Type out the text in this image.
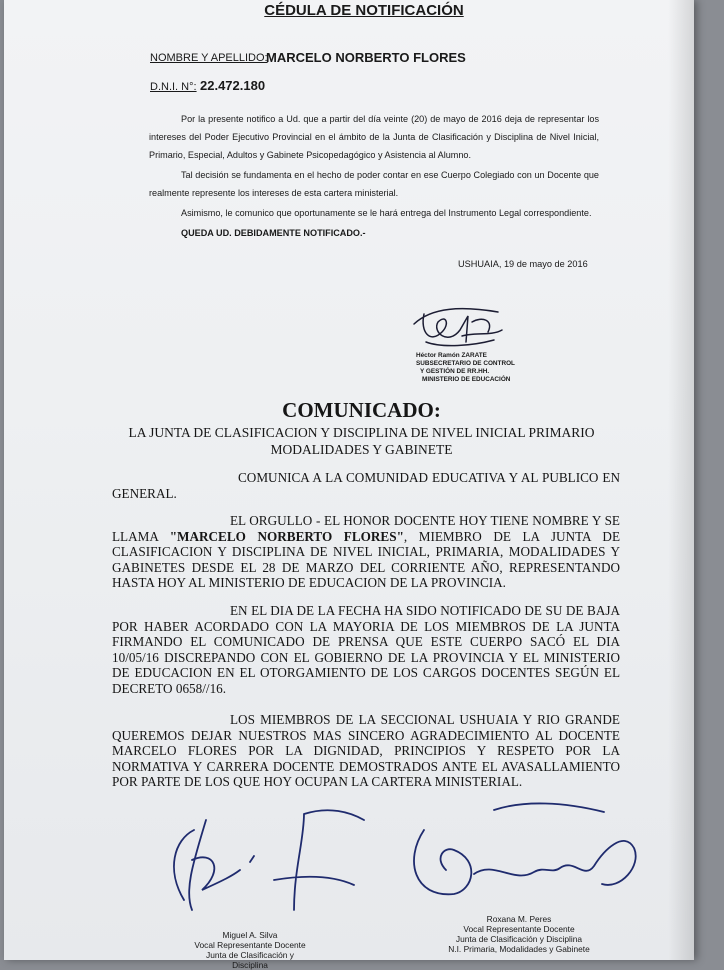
CÉDULA DE NOTIFICACIÓN
NOMBRE Y APELLIDO:
MARCELO NORBERTO FLORES
D.N.I. N°: 22.472.180

Por la presente notifico a Ud. que a partir del día veinte (20) de mayo de 2016 deja de representar los intereses del Poder Ejecutivo Provincial en el ámbito de la Junta de Clasificación y Disciplina de Nivel Inicial, Primario, Especial, Adultos y Gabinete Psicopedagógico y Asistencia al Alumno.

Tal decisión se fundamenta en el hecho de poder contar en ese Cuerpo Colegiado con un Docente que realmente represente los intereses de esta cartera ministerial.

Asimismo, le comunico que oportunamente se le hará entrega del Instrumento Legal correspondiente.

QUEDA UD. DEBIDAMENTE NOTIFICADO.-

USHUAIA, 19 de mayo de 2016
Héctor Ramón ZARATE
SUBSECRETARIO DE CONTROL
Y GESTIÓN DE RR.HH.
MINISTERIO DE EDUCACIÓN
COMUNICADO:
LA JUNTA DE CLASIFICACION Y DISCIPLINA DE NIVEL INICIAL PRIMARIO
MODALIDADES Y GABINETE

COMUNICA A LA COMUNIDAD EDUCATIVA Y AL PUBLICO EN GENERAL.

EL ORGULLO - EL HONOR DOCENTE HOY TIENE NOMBRE Y SE LLAMA "MARCELO NORBERTO FLORES", MIEMBRO DE LA JUNTA DE CLASIFICACION Y DISCIPLINA DE NIVEL INICIAL, PRIMARIA, MODALIDADES Y GABINETES DESDE EL 28 DE MARZO DEL CORRIENTE AÑO, REPRESENTANDO HASTA HOY AL MINISTERIO DE EDUCACION DE LA PROVINCIA.

EN EL DIA DE LA FECHA HA SIDO NOTIFICADO DE SU DE BAJA POR HABER ACORDADO CON LA MAYORIA DE LOS MIEMBROS DE LA JUNTA FIRMANDO EL COMUNICADO DE PRENSA QUE ESTE CUERPO SACÓ EL DIA 10/05/16 DISCREPANDO CON EL GOBIERNO DE LA PROVINCIA Y EL MINISTERIO DE EDUCACION EN EL OTORGAMIENTO DE LOS CARGOS DOCENTES SEGÚN EL DECRETO 0658//16.

LOS MIEMBROS DE LA SECCIONAL USHUAIA Y RIO GRANDE QUEREMOS DEJAR NUESTROS MAS SINCERO AGRADECIMIENTO AL DOCENTE MARCELO FLORES POR LA DIGNIDAD, PRINCIPIOS Y RESPETO POR LA NORMATIVA Y CARRERA DOCENTE DEMOSTRADOS ANTE EL AVASALLAMIENTO POR PARTE DE LOS QUE HOY OCUPAN LA CARTERA MINISTERIAL.

Miguel A. Silva
Vocal Representante Docente
Junta de Clasificación y Disciplina
Roxana M. Peres
Vocal Representante Docente
Junta de Clasificación y Disciplina
N.I. Primaria, Modalidades y Gabinete
